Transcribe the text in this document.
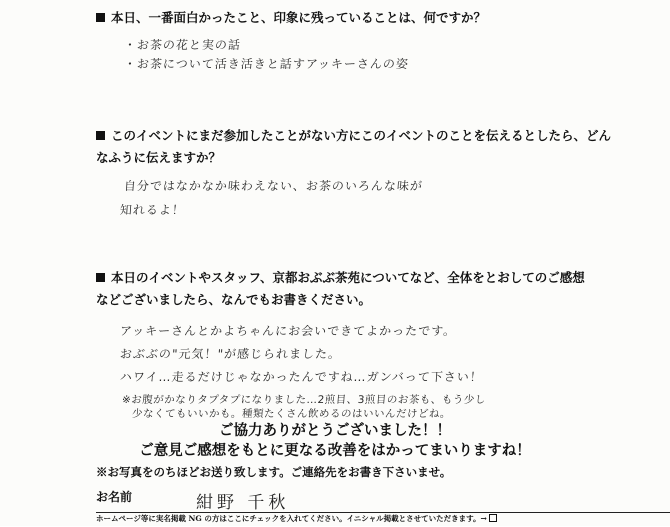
本日、一番面白かったこと、印象に残っていることは、何ですか？
・お茶の花と実の話
・お茶について活き活きと話すアッキーさんの姿
このイベントにまだ参加したことがない方にこのイベントのことを伝えるとしたら、どん
なふうに伝えますか？
自分ではなかなか味わえない、お茶のいろんな味が
知れるよ！
本日のイベントやスタッフ、京都おぶぶ茶苑についてなど、全体をとおしてのご感想
などございましたら、なんでもお書きください。
アッキーさんとかよちゃんにお会いできてよかったです。
おぶぶの"元気！"が感じられました。
ハワイ…走るだけじゃなかったんですね…ガンバって下さい！
※お腹がかなりタプタプになりました…2煎目、3煎目のお茶も、もう少し
少なくてもいいかも。種類たくさん飲めるのはいいんだけどね。
ご協力ありがとうございました！！
ご意見ご感想をもとに更なる改善をはかってまいりますね！
※お写真をのちほどお送り致します。ご連絡先をお書き下さいませ。
お名前	紺野 千秋
ホームページ等に実名掲載 NG の方はここにチェックを入れてください。イニシャル掲載とさせていただきます。→
